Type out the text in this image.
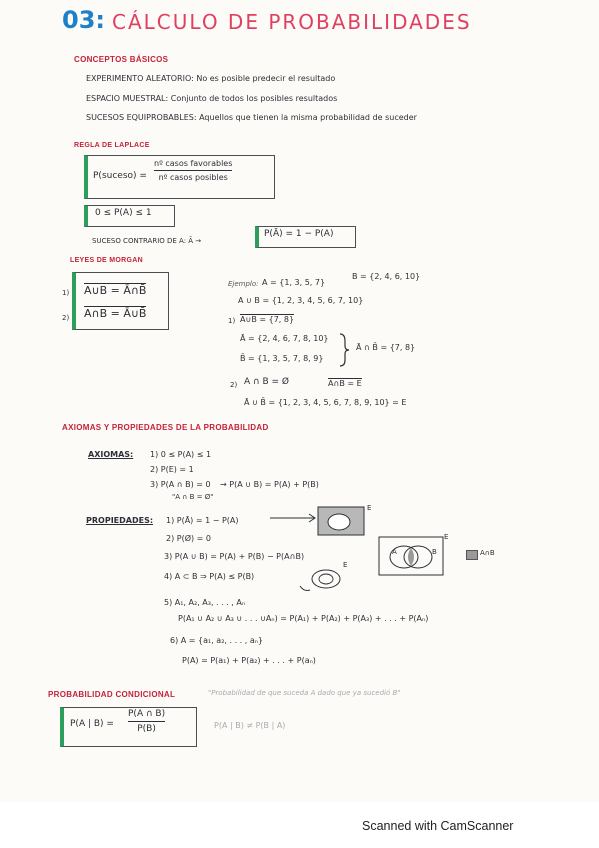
03: CÁLCULO DE PROBABILIDADES
CONCEPTOS BÁSICOS
EXPERIMENTO ALEATORIO: No es posible predecir el resultado
ESPACIO MUESTRAL: Conjunto de todos los posibles resultados
SUCESOS EQUIPROBABLES: Aquellos que tienen la misma probabilidad de suceder
REGLA DE LAPLACE
P(suceso) =
nº casos favorables
nº casos posibles
0 ≤ P(A) ≤ 1
SUCESO CONTRARIO DE A: Ā →
P(Ā) = 1 − P(A)
LEYES DE MORGAN
1) A∪B = Ā∩B̄
2) A∩B = Ā∪B̄
Ejemplo: A = {1, 3, 5, 7}
B = {2, 4, 6, 10}
A ∪ B = {1, 2, 3, 4, 5, 6, 7, 10}
1) A∪B = {7, 8}
Ā = {2, 4, 6, 7, 8, 10}
B̄ = {1, 3, 5, 7, 8, 9}
Ā ∩ B̄ = {7, 8}
2) A ∩ B = Ø	A∩B = E
Ā ∪ B̄ = {1, 2, 3, 4, 5, 6, 7, 8, 9, 10} = E
AXIOMAS Y PROPIEDADES DE LA PROBABILIDAD
AXIOMAS: 1) 0 ≤ P(A) ≤ 1
2) P(E) = 1
3) P(A ∩ B) = 0 → P(A ∪ B) = P(A) + P(B)
"A ∩ B = Ø"
PROPIEDADES: 1) P(Ā) = 1 − P(A)
E
2) P(Ø) = 0
3) P(A ∪ B) = P(A) + P(B) − P(A∩B)
4) A ⊂ B ⇒ P(A) ≤ P(B)
E
A	B
E
A∩B
5) A₁, A₂, A₃, . . . , Aₙ
P(A₁ ∪ A₂ ∪ A₃ ∪ . . . ∪Aₙ) = P(A₁) + P(A₂) + P(A₃) + . . . + P(Aₙ)
6) A = {a₁, a₂, . . . , aₙ}
P(A) = P(a₁) + P(a₂) + . . . + P(aₙ)
PROBABILIDAD CONDICIONAL	"Probabilidad de que suceda A dado que ya sucedió B"
P(A | B) =
P(A ∩ B)
P(B)	P(A | B) ≠ P(B | A)
Scanned with CamScanner
